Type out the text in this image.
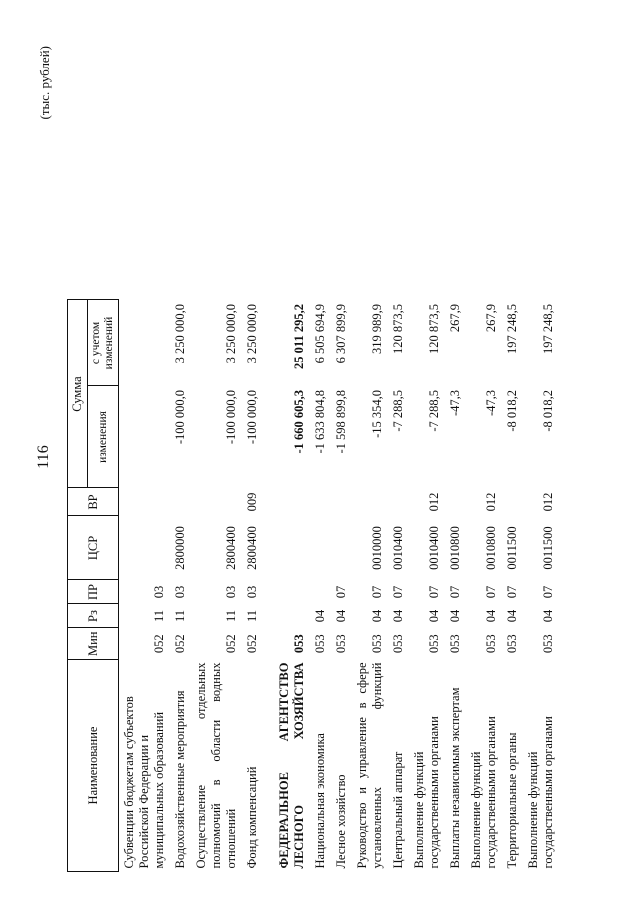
116
(тыс. рублей)
Наименование	Мин	Рз	ПР	ЦСР	ВР	Сумма	
						изменения	с учетом изменений
Субвенции бюджетам субъектов Российской Федерации и муниципальных образований	052	11	03				
Водохозяйственные мероприятия	052	11	03	2800000		-100 000,0	3 250 000,0
Осуществление отдельных полномочий в области водных отношений	052	11	03	2800400		-100 000,0	3 250 000,0
Фонд компенсаций	052	11	03	2800400	009	-100 000,0	3 250 000,0
ФЕДЕРАЛЬНОЕ АГЕНТСТВО ЛЕСНОГО ХОЗЯЙСТВА	053					-1 660 605,3	25 011 295,2
Национальная экономика	053	04				-1 633 804,8	6 505 694,9
Лесное хозяйство	053	04	07			-1 598 899,8	6 307 899,9
Руководство и управление в сфере установленных функций	053	04	07	0010000		-15 354,0	319 989,9
Центральный аппарат	053	04	07	0010400		-7 288,5	120 873,5
Выполнение функций государственными органами	053	04	07	0010400	012	-7 288,5	120 873,5
Выплаты независимым экспертам	053	04	07	0010800		-47,3	267,9
Выполнение функций государственными органами	053	04	07	0010800	012	-47,3	267,9
Территориальные органы	053	04	07	0011500		-8 018,2	197 248,5
Выполнение функций государственными органами	053	04	07	0011500	012	-8 018,2	197 248,5
